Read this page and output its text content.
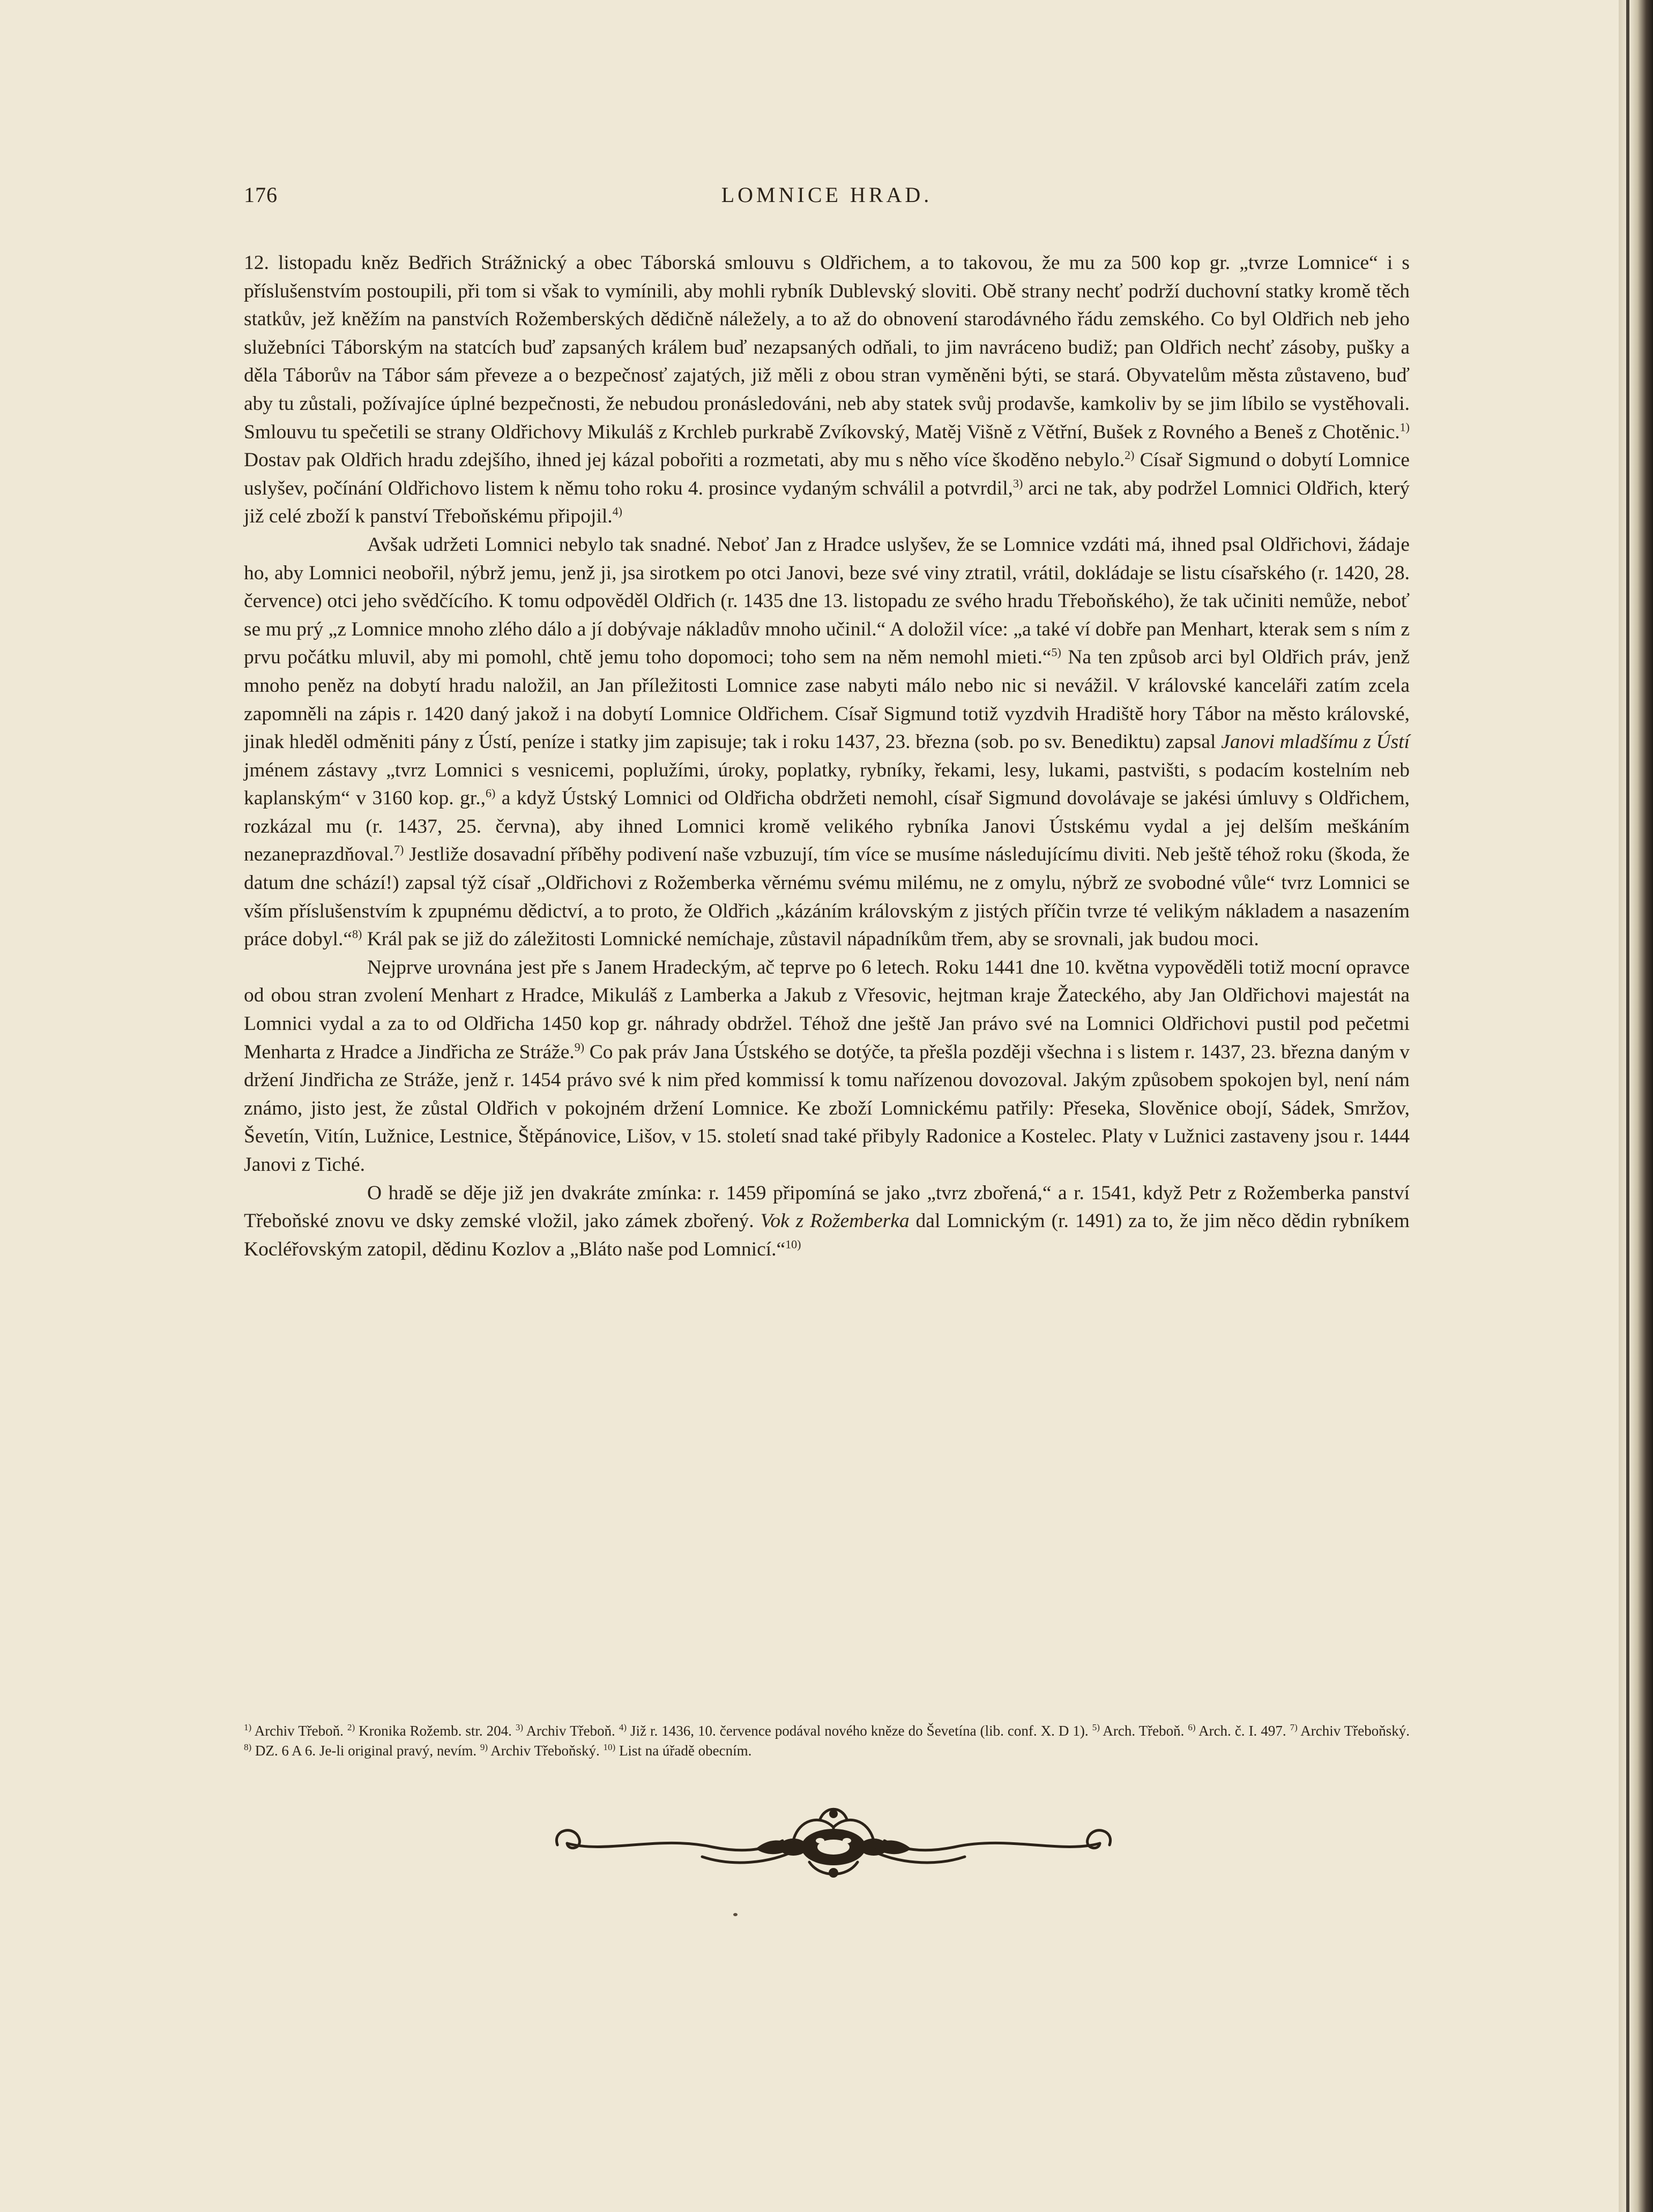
176	LOMNICE HRAD.

12. listopadu kněz Bedřich Strážnický a obec Táborská smlouvu s Oldřichem, a to takovou, že mu za 500 kop gr. „tvrze Lomnice“ i s příslušenstvím postoupili, při tom si však to vymínili, aby mohli rybník Dublevský sloviti. Obě strany nechť podrží duchovní statky kromě těch statkův, jež kněžím na panstvích Rožemberských dědičně náležely, a to až do obnovení starodávného řádu zemského. Co byl Oldřich neb jeho služebníci Táborským na statcích buď zapsaných králem buď nezapsaných odňali, to jim navráceno budiž; pan Oldřich nechť zásoby, pušky a děla Táborův na Tábor sám převeze a o bezpečnosť zajatých, již měli z obou stran vyměněni býti, se stará. Obyvatelům města zůstaveno, buď aby tu zůstali, požívajíce úplné bezpečnosti, že nebudou pronásledováni, neb aby statek svůj prodavše, kamkoliv by se jim líbilo se vystěhovali. Smlouvu tu spečetili se strany Oldřichovy Mikuláš z Krchleb purkrabě Zvíkovský, Matěj Višně z Větřní, Bušek z Rovného a Beneš z Chotěnic.$^{1)}$ Dostav pak Oldřich hradu zdejšího, ihned jej kázal pobořiti a rozmetati, aby mu s něho více škoděno nebylo.$^{2)}$ Císař Sigmund o dobytí Lomnice uslyšev, počínání Oldřichovo listem k němu toho roku 4. prosince vydaným schválil a potvrdil,$^{3)}$ arci ne tak, aby podržel Lomnici Oldřich, který již celé zboží k panství Třeboňskému připojil.$^{4)}$

Avšak udržeti Lomnici nebylo tak snadné. Neboť Jan z Hradce uslyšev, že se Lomnice vzdáti má, ihned psal Oldřichovi, žádaje ho, aby Lomnici neobořil, nýbrž jemu, jenž ji, jsa sirotkem po otci Janovi, beze své viny ztratil, vrátil, dokládaje se listu císařského (r. 1420, 28. července) otci jeho svědčícího. K tomu odpověděl Oldřich (r. 1435 dne 13. listopadu ze svého hradu Třeboňského), že tak učiniti nemůže, neboť se mu prý „z Lomnice mnoho zlého dálo a jí dobývaje nákladův mnoho učinil.“ A doložil více: „a také ví dobře pan Menhart, kterak sem s ním z prvu počátku mluvil, aby mi pomohl, chtě jemu toho dopomoci; toho sem na něm nemohl mieti.“$^{5)}$ Na ten způsob arci byl Oldřich práv, jenž mnoho peněz na dobytí hradu naložil, an Jan příležitosti Lomnice zase nabyti málo nebo nic si nevážil. V královské kanceláři zatím zcela zapomněli na zápis r. 1420 daný jakož i na dobytí Lomnice Oldřichem. Císař Sigmund totiž vyzdvih Hradiště hory Tábor na město královské, jinak hleděl odměniti pány z Ústí, peníze i statky jim zapisuje; tak i roku 1437, 23. března (sob. po sv. Benediktu) zapsal Janovi mladšímu z Ústí jménem zástavy „tvrz Lomnici s vesnicemi, poplužími, úroky, poplatky, rybníky, řekami, lesy, lukami, pastvišti, s podacím kostelním neb kaplanským“ v 3160 kop. gr.,$^{6)}$ a když Ústský Lomnici od Oldřicha obdržeti nemohl, císař Sigmund dovolávaje se jakési úmluvy s Oldřichem, rozkázal mu (r. 1437, 25. června), aby ihned Lomnici kromě velikého rybníka Janovi Ústskému vydal a jej delším meškáním nezaneprazdňoval.$^{7)}$ Jestliže dosavadní příběhy podivení naše vzbuzují, tím více se musíme následujícímu diviti. Neb ještě téhož roku (škoda, že datum dne schází!) zapsal týž císař „Oldřichovi z Rožemberka věrnému svému milému, ne z omylu, nýbrž ze svobodné vůle“ tvrz Lomnici se vším příslušenstvím k zpupnému dědictví, a to proto, že Oldřich „kázáním královským z jistých příčin tvrze té velikým nákladem a nasazením práce dobyl.“$^{8)}$ Král pak se již do záležitosti Lomnické nemíchaje, zůstavil nápadníkům třem, aby se srovnali, jak budou moci.

Nejprve urovnána jest pře s Janem Hradeckým, ač teprve po 6 letech. Roku 1441 dne 10. května vypověděli totiž mocní opravce od obou stran zvolení Menhart z Hradce, Mikuláš z Lamberka a Jakub z Vřesovic, hejtman kraje Žateckého, aby Jan Oldřichovi majestát na Lomnici vydal a za to od Oldřicha 1450 kop gr. náhrady obdržel. Téhož dne ještě Jan právo své na Lomnici Oldřichovi pustil pod pečetmi Menharta z Hradce a Jindřicha ze Stráže.$^{9)}$ Co pak práv Jana Ústského se dotýče, ta přešla později všechna i s listem r. 1437, 23. března daným v držení Jindřicha ze Stráže, jenž r. 1454 právo své k nim před kommissí k tomu nařízenou dovozoval. Jakým způsobem spokojen byl, není nám známo, jisto jest, že zůstal Oldřich v pokojném držení Lomnice. Ke zboží Lomnickému patřily: Přeseka, Slověnice obojí, Sádek, Smržov, Ševetín, Vitín, Lužnice, Lestnice, Štěpánovice, Lišov, v 15. století snad také přibyly Radonice a Kostelec. Platy v Lužnici zastaveny jsou r. 1444 Janovi z Tiché.

O hradě se děje již jen dvakráte zmínka: r. 1459 připomíná se jako „tvrz zbořená,“ a r. 1541, když Petr z Rožemberka panství Třeboňské znovu ve dsky zemské vložil, jako zámek zbořený. Vok z Rožemberka dal Lomnickým (r. 1491) za to, že jim něco dědin rybníkem Kocléřovským zatopil, dědinu Kozlov a „Bláto naše pod Lomnicí.“$^{10)}$

$^{1)}$ Archiv Třeboň. $^{2)}$ Kronika Rožemb. str. 204. $^{3)}$ Archiv Třeboň. $^{4)}$ Již r. 1436, 10. července podával nového kněze do Ševetína (lib. conf. X. D 1). $^{5)}$ Arch. Třeboň. $^{6)}$ Arch. č. I. 497. $^{7)}$ Archiv Třeboňský. $^{8)}$ DZ. 6 A 6. Je-li original pravý, nevím. $^{9)}$ Archiv Třeboňský. $^{10)}$ List na úřadě obecním.
